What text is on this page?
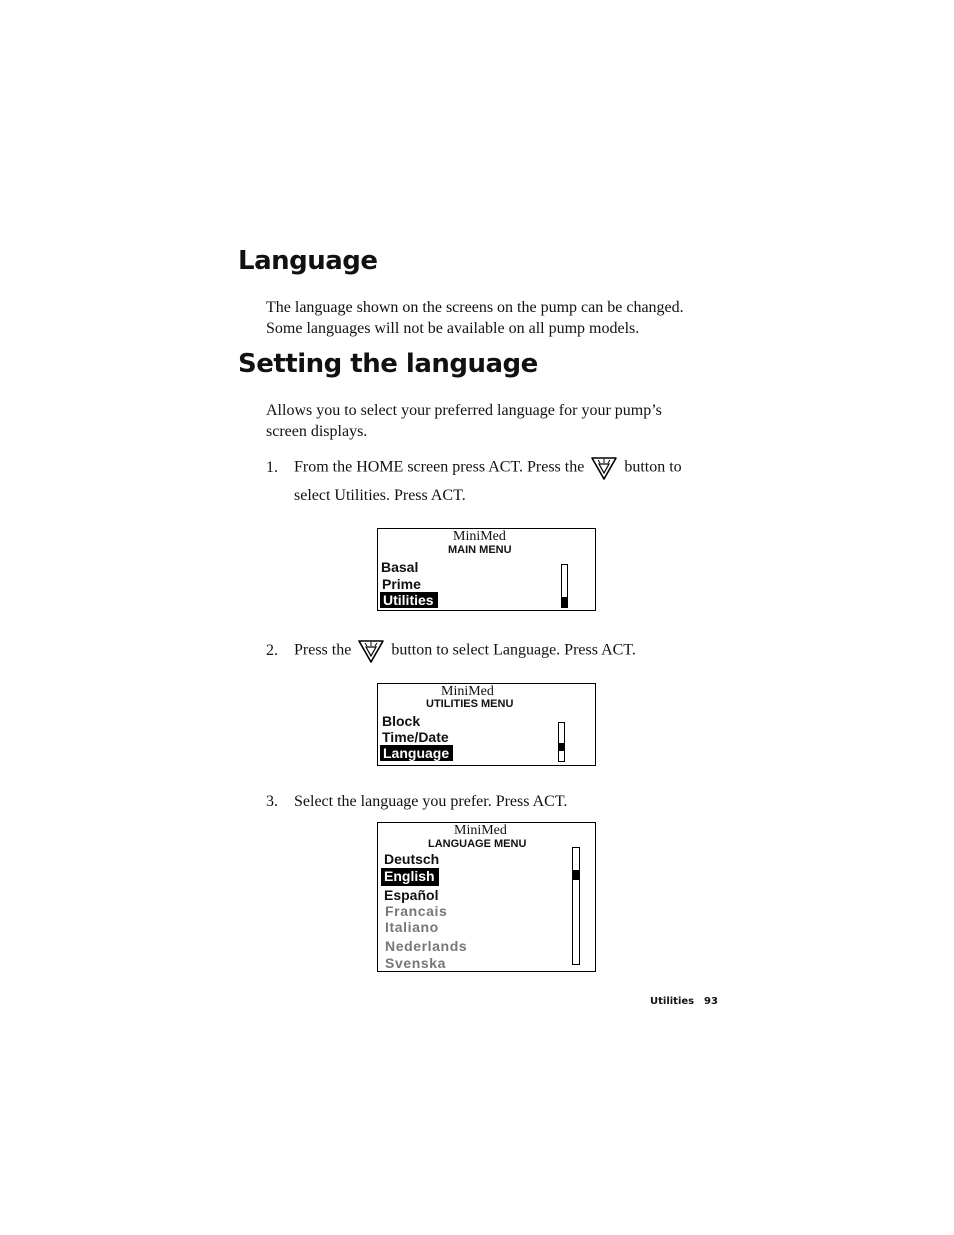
Language
The language shown on the screens on the pump can be changed.
Some languages will not be available on all pump models.
Setting the language
Allows you to select your preferred language for your pump’s
screen displays.
1. From the HOME screen press ACT. Press the	button to
select Utilities. Press ACT.
MiniMed
MAIN MENU
Basal
Prime
Utilities
2. Press the	button to select Language. Press ACT.
MiniMed
UTILITIES MENU
Block
Time/Date
Language
3. Select the language you prefer. Press ACT.
MiniMed
LANGUAGE MENU
Deutsch
English
Español
Francais
Italiano
Nederlands
Svenska
Utilities 93
